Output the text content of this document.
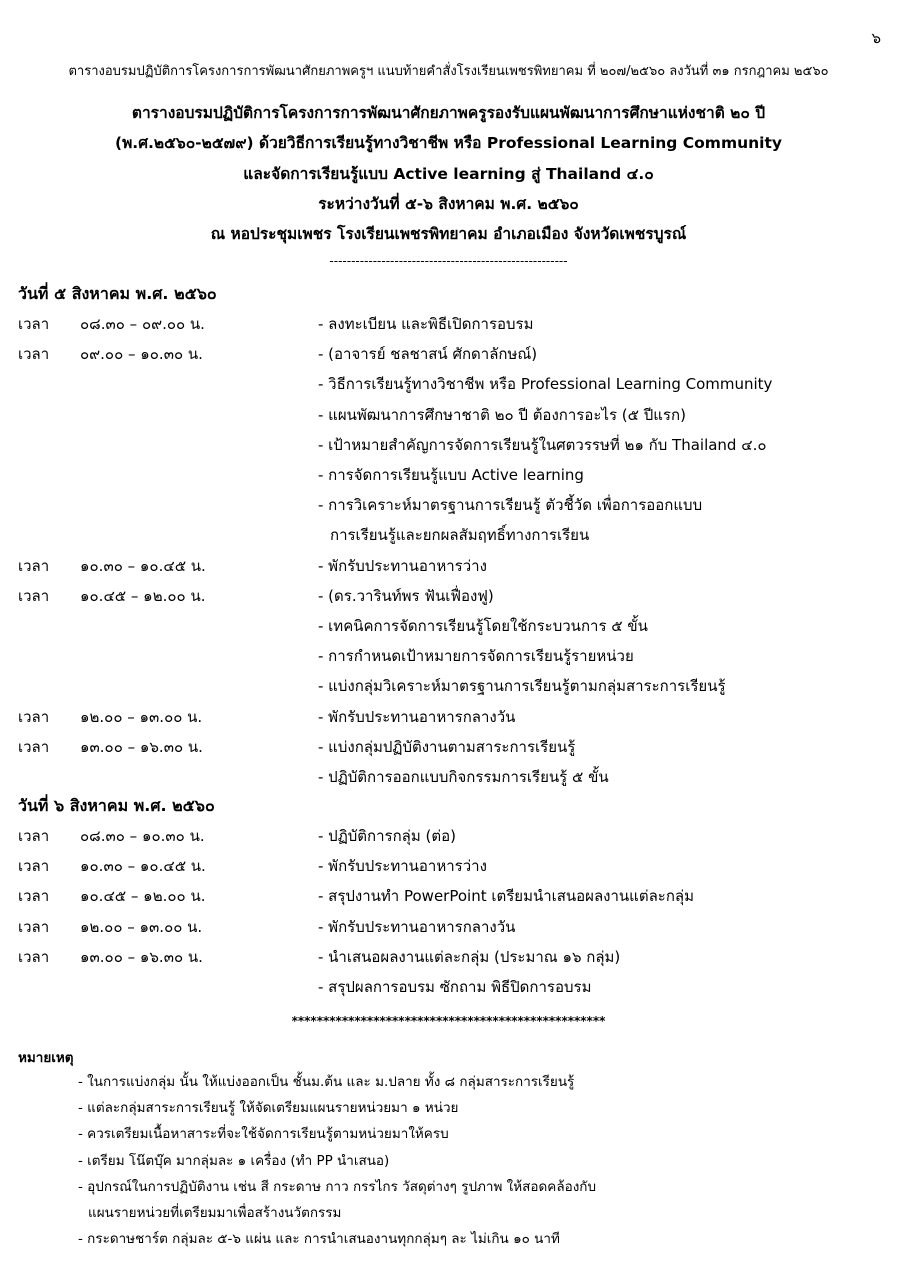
๖
ตารางอบรมปฏิบัติการโครงการการพัฒนาศักยภาพครูฯ แนบท้ายคำสั่งโรงเรียนเพชรพิทยาคม ที่ ๒๐๗/๒๕๖๐ ลงวันที่ ๓๑ กรกฎาคม ๒๕๖๐
ตารางอบรมปฏิบัติการโครงการการพัฒนาศักยภาพครูรองรับแผนพัฒนาการศึกษาแห่งชาติ ๒๐ ปี
(พ.ศ.๒๕๖๐-๒๕๗๙) ด้วยวิธีการเรียนรู้ทางวิชาชีพ หรือ Professional Learning Community
และจัดการเรียนรู้แบบ Active learning สู่ Thailand ๔.๐
ระหว่างวันที่ ๕-๖ สิงหาคม พ.ศ. ๒๕๖๐
ณ หอประชุมเพชร โรงเรียนเพชรพิทยาคม อำเภอเมือง จังหวัดเพชรบูรณ์
-------------------------------------------------------
วันที่ ๕ สิงหาคม พ.ศ. ๒๕๖๐
เวลา ๐๘.๓๐ – ๐๙.๐๐ น.	- ลงทะเบียน และพิธีเปิดการอบรม
เวลา ๐๙.๐๐ – ๑๐.๓๐ น.	- (อาจารย์ ชลชาสน์ ศักดาลักษณ์)
- วิธีการเรียนรู้ทางวิชาชีพ หรือ Professional Learning Community
- แผนพัฒนาการศึกษาชาติ ๒๐ ปี ต้องการอะไร (๕ ปีแรก)
- เป้าหมายสำคัญการจัดการเรียนรู้ในศตวรรษที่ ๒๑ กับ Thailand ๔.๐
- การจัดการเรียนรู้แบบ Active learning
- การวิเคราะห์มาตรฐานการเรียนรู้ ตัวชี้วัด เพื่อการออกแบบ
การเรียนรู้และยกผลสัมฤทธิ์ทางการเรียน
เวลา ๑๐.๓๐ – ๑๐.๔๕ น.	- พักรับประทานอาหารว่าง
เวลา ๑๐.๔๕ – ๑๒.๐๐ น.	- (ดร.วารินท์พร ฟันเฟื่องฟู)
- เทคนิคการจัดการเรียนรู้โดยใช้กระบวนการ ๕ ขั้น
- การกำหนดเป้าหมายการจัดการเรียนรู้รายหน่วย
- แบ่งกลุ่มวิเคราะห์มาตรฐานการเรียนรู้ตามกลุ่มสาระการเรียนรู้
เวลา ๑๒.๐๐ – ๑๓.๐๐ น.	- พักรับประทานอาหารกลางวัน
เวลา ๑๓.๐๐ – ๑๖.๓๐ น.	- แบ่งกลุ่มปฏิบัติงานตามสาระการเรียนรู้
- ปฏิบัติการออกแบบกิจกรรมการเรียนรู้ ๕ ขั้น
วันที่ ๖ สิงหาคม พ.ศ. ๒๕๖๐
เวลา ๐๘.๓๐ – ๑๐.๓๐ น.	- ปฏิบัติการกลุ่ม (ต่อ)
เวลา ๑๐.๓๐ – ๑๐.๔๕ น.	- พักรับประทานอาหารว่าง
เวลา ๑๐.๔๕ – ๑๒.๐๐ น.	- สรุปงานทำ PowerPoint เตรียมนำเสนอผลงานแต่ละกลุ่ม
เวลา ๑๒.๐๐ – ๑๓.๐๐ น.	- พักรับประทานอาหารกลางวัน
เวลา ๑๓.๐๐ – ๑๖.๓๐ น.	- นำเสนอผลงานแต่ละกลุ่ม (ประมาณ ๑๖ กลุ่ม)
- สรุปผลการอบรม ซักถาม พิธีปิดการอบรม
**************************************************
หมายเหตุ
- ในการแบ่งกลุ่ม นั้น ให้แบ่งออกเป็น ชั้นม.ต้น และ ม.ปลาย ทั้ง ๘ กลุ่มสาระการเรียนรู้
- แต่ละกลุ่มสาระการเรียนรู้ ให้จัดเตรียมแผนรายหน่วยมา ๑ หน่วย
- ควรเตรียมเนื้อหาสาระที่จะใช้จัดการเรียนรู้ตามหน่วยมาให้ครบ
- เตรียม โน๊ตบุ๊ค มากลุ่มละ ๑ เครื่อง (ทำ PP นำเสนอ)
- อุปกรณ์ในการปฏิบัติงาน เช่น สี กระดาษ กาว กรรไกร วัสดุต่างๆ รูปภาพ ให้สอดคล้องกับ
แผนรายหน่วยที่เตรียมมาเพื่อสร้างนวัตกรรม
- กระดาษชาร์ต กลุ่มละ ๕-๖ แผ่น และ การนำเสนองานทุกกลุ่มๆ ละ ไม่เกิน ๑๐ นาที
